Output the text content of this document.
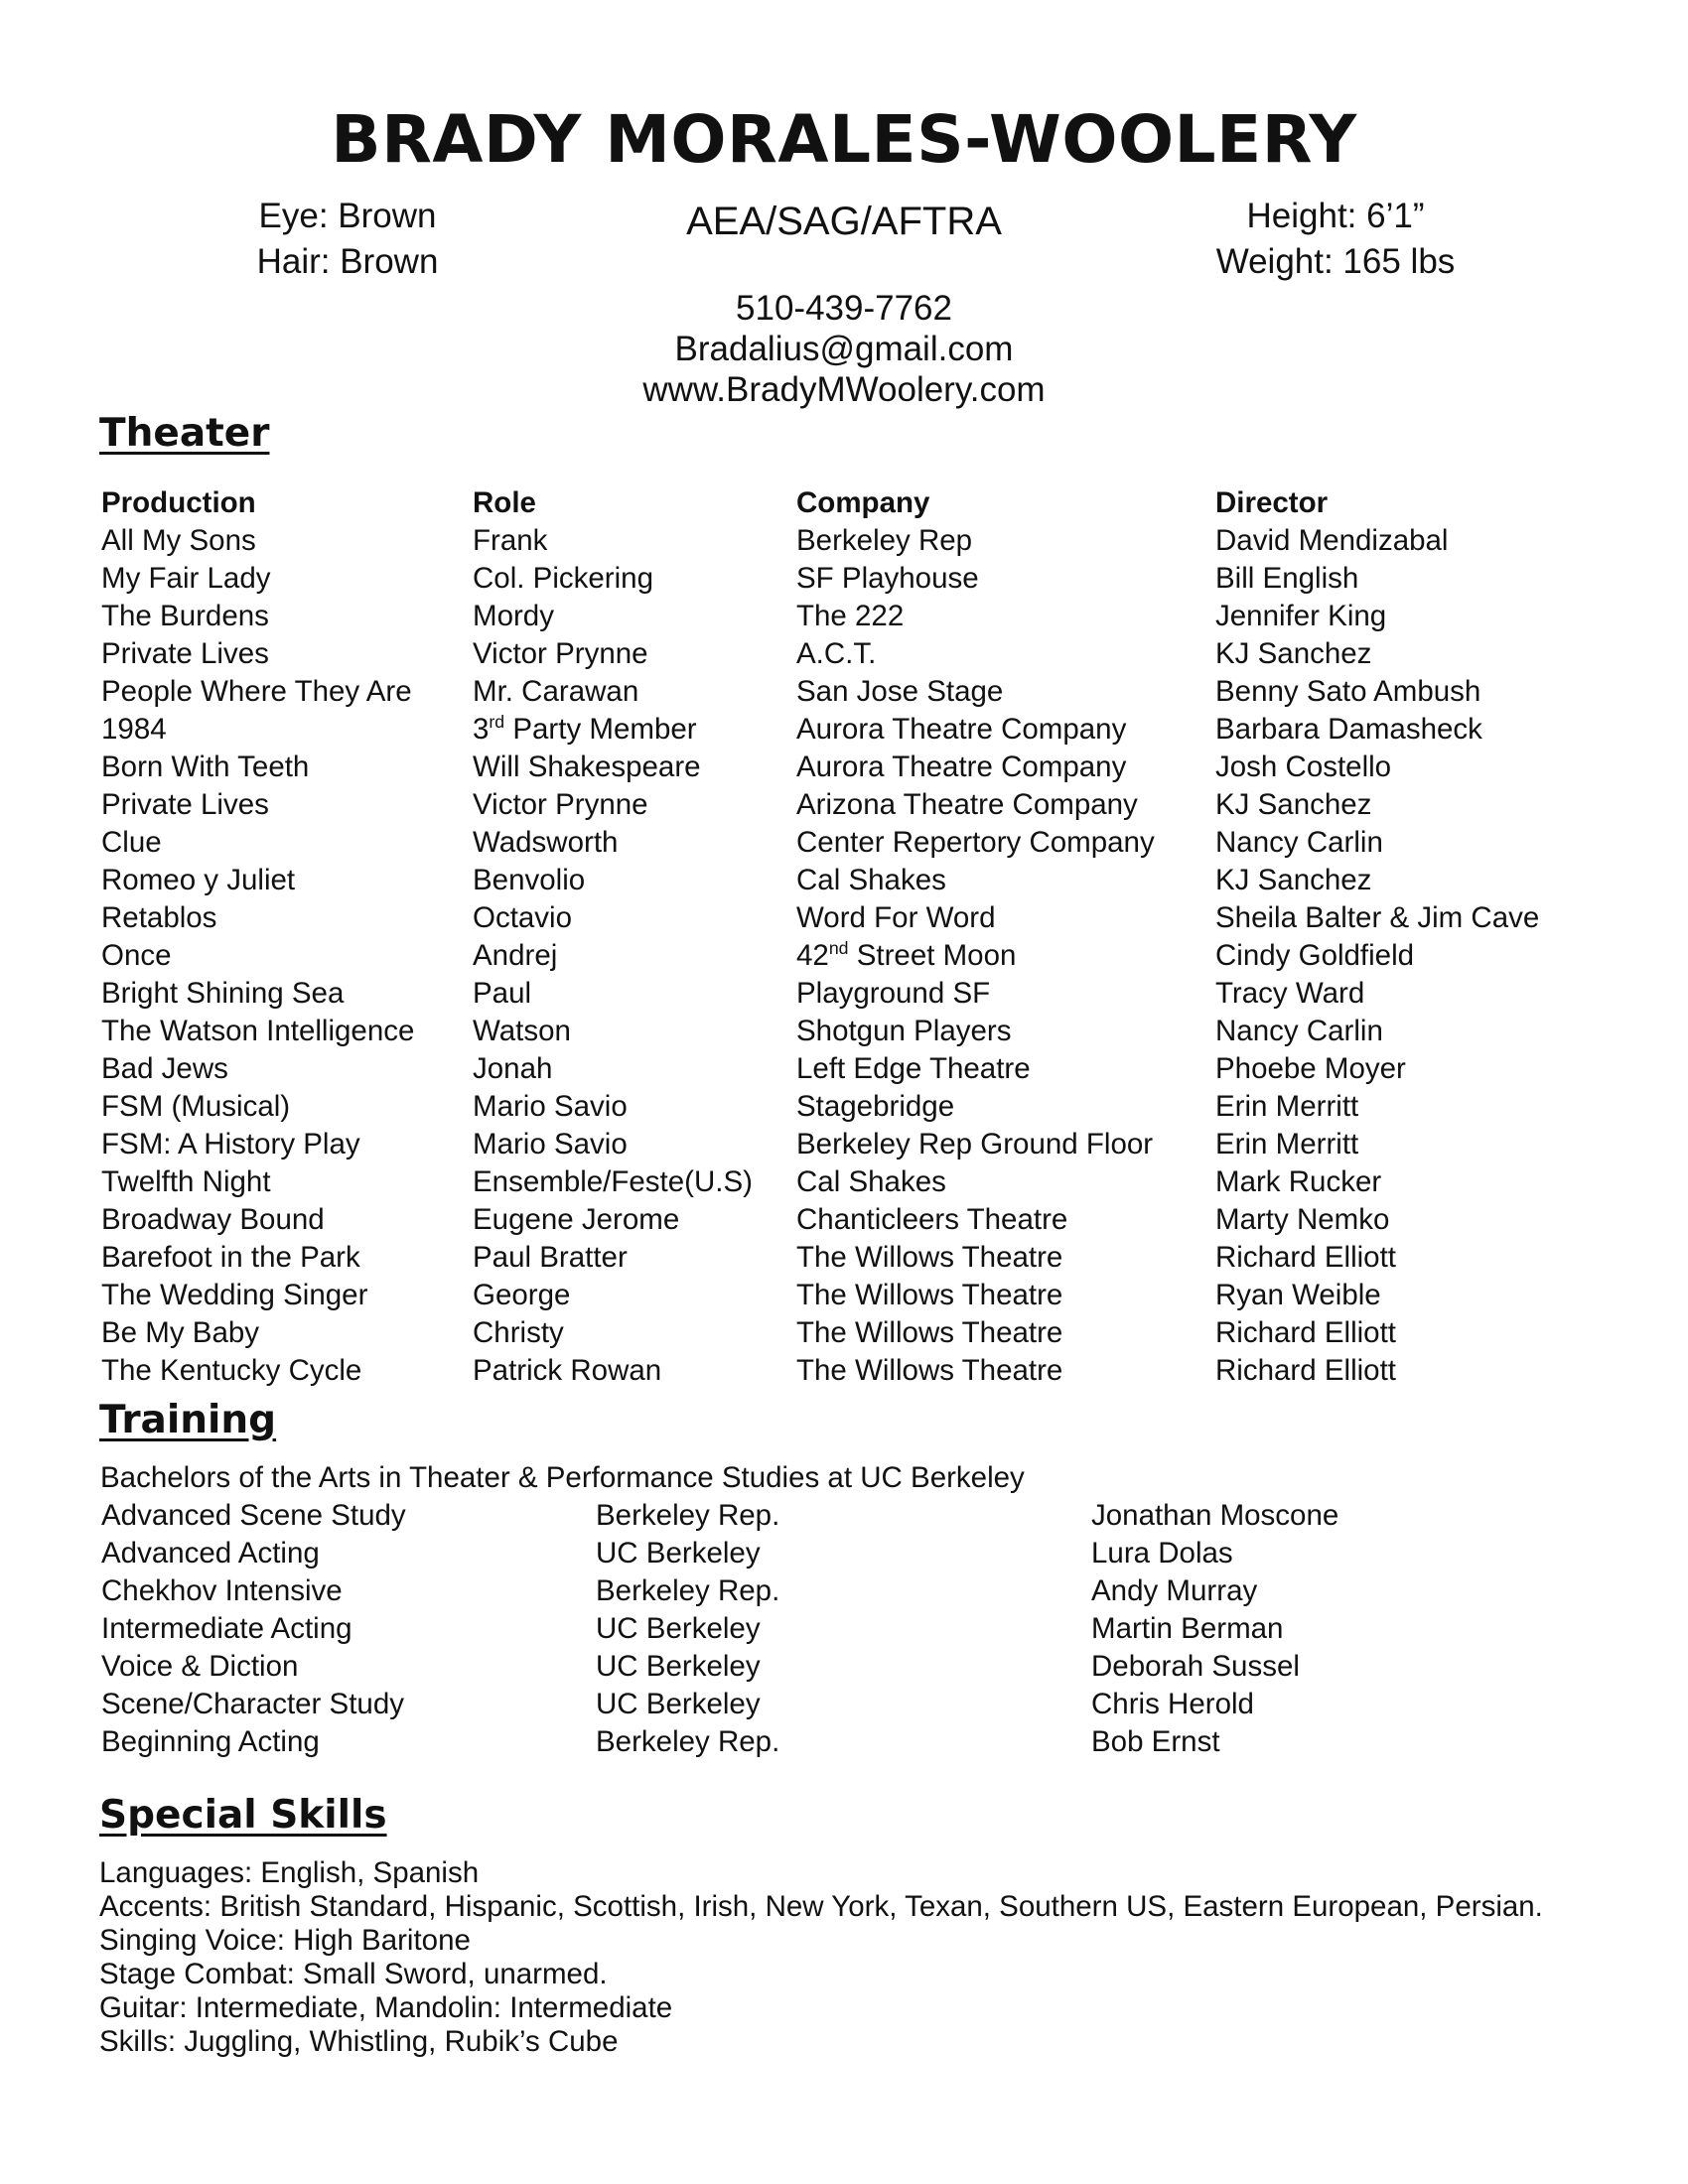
BRADY MORALES-WOOLERY
Eye: Brown
Hair: Brown
AEA/SAG/AFTRA	Height: 6’1”
Weight: 165 lbs
510-439-7762
Bradalius@gmail.com
www.BradyMWoolery.com
Theater
Production
All My Sons
My Fair Lady
The Burdens
Private Lives
People Where They Are
1984
Born With Teeth
Private Lives
Clue
Romeo y Juliet
Retablos
Once
Bright Shining Sea
The Watson Intelligence
Bad Jews
FSM (Musical)
FSM: A History Play
Twelfth Night
Broadway Bound
Barefoot in the Park
The Wedding Singer
Be My Baby
The Kentucky Cycle
Role
Frank
Col. Pickering
Mordy
Victor Prynne
Mr. Carawan
3rd Party Member
Will Shakespeare
Victor Prynne
Wadsworth
Benvolio
Octavio
Andrej
Paul
Watson
Jonah
Mario Savio
Mario Savio
Ensemble/Feste(U.S)
Eugene Jerome
Paul Bratter
George
Christy
Patrick Rowan
Company
Berkeley Rep
SF Playhouse
The 222
A.C.T.
San Jose Stage
Aurora Theatre Company
Aurora Theatre Company
Arizona Theatre Company
Center Repertory Company
Cal Shakes
Word For Word
42nd Street Moon
Playground SF
Shotgun Players
Left Edge Theatre
Stagebridge
Berkeley Rep Ground Floor
Cal Shakes
Chanticleers Theatre
The Willows Theatre
The Willows Theatre
The Willows Theatre
The Willows Theatre
Director
David Mendizabal
Bill English
Jennifer King
KJ Sanchez
Benny Sato Ambush
Barbara Damasheck
Josh Costello
KJ Sanchez
Nancy Carlin
KJ Sanchez
Sheila Balter & Jim Cave
Cindy Goldfield
Tracy Ward
Nancy Carlin
Phoebe Moyer
Erin Merritt
Erin Merritt
Mark Rucker
Marty Nemko
Richard Elliott
Ryan Weible
Richard Elliott
Richard Elliott
Training
Bachelors of the Arts in Theater & Performance Studies at UC Berkeley
Advanced Scene Study
Advanced Acting
Chekhov Intensive
Intermediate Acting
Voice & Diction
Scene/Character Study
Beginning Acting
Berkeley Rep.
UC Berkeley
Berkeley Rep.
UC Berkeley
UC Berkeley
UC Berkeley
Berkeley Rep.
Jonathan Moscone
Lura Dolas
Andy Murray
Martin Berman
Deborah Sussel
Chris Herold
Bob Ernst
Special Skills
Languages: English, Spanish
Accents: British Standard, Hispanic, Scottish, Irish, New York, Texan, Southern US, Eastern European, Persian.
Singing Voice: High Baritone
Stage Combat: Small Sword, unarmed.
Guitar: Intermediate, Mandolin: Intermediate
Skills: Juggling, Whistling, Rubik’s Cube
